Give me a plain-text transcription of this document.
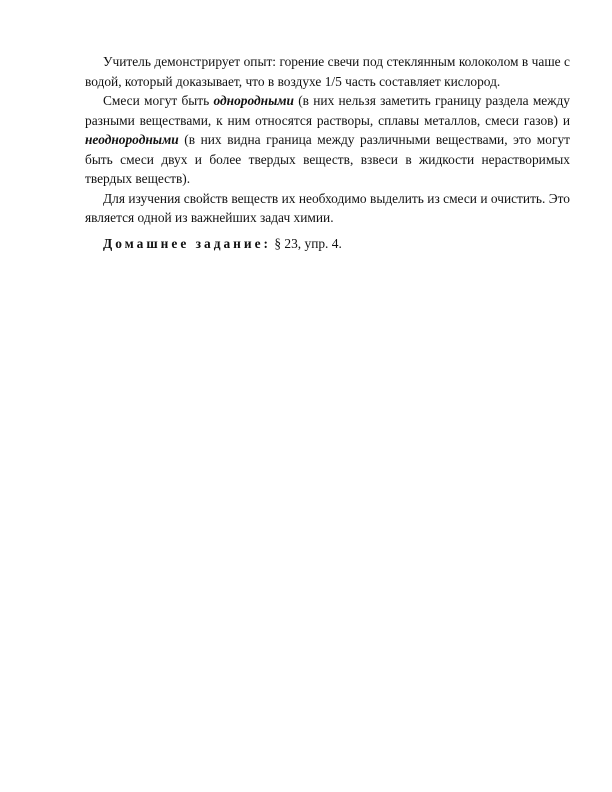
Учитель демонстрирует опыт: горение свечи под стеклянным колоколом в чаше с водой, который доказывает, что в воздухе 1/5 часть составляет кислород.

Смеси могут быть однородными (в них нельзя заметить границу раздела между разными веществами, к ним относятся растворы, сплавы металлов, смеси газов) и неоднородными (в них видна граница между различными веществами, это могут быть смеси двух и более твердых веществ, взвеси в жидкости нерастворимых твердых веществ).

Для изучения свойств веществ их необходимо выделить из смеси и очистить. Это является одной из важнейших задач химии.

Домашнее задание: § 23, упр. 4.
